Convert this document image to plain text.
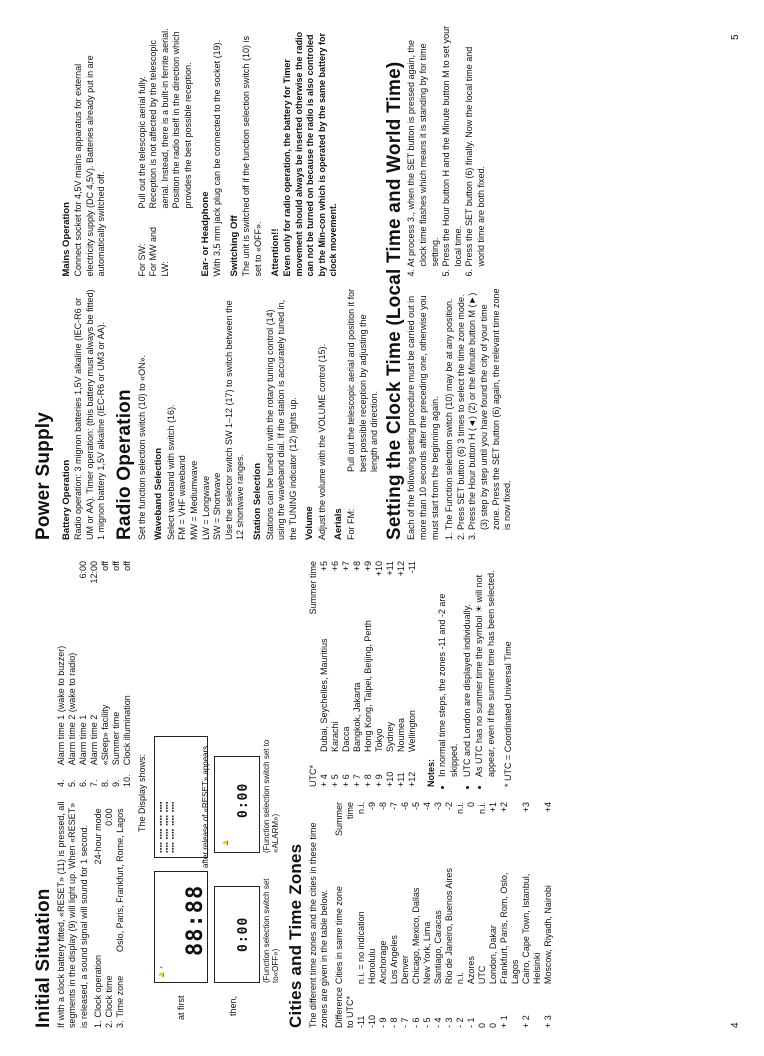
Initial Situation If with a clock battery fitted, «RESET» (11) is pressed, all segments in the display (9) will light up. When «RESET» is released, a sound signal will sound for 1 second. 1.	Clock operation	24-hour mode
2.	Clock time	0:00
3.	Time zone	Oslo, Paris, Frankfurt, Rome, Lagos
4.	Alarm time 1 (wake to buzzer)	
5.	Alarm time 2 (wake to radio)	
6.	Alarm time 1	6:00
7.	Alarm time 2	12:00
8.	«Sleep» facility	off
9.	Summer time	off
10.	Clock illumination	off
The Display shows:
at first
88:88
🔔 ☀
▪▪▪▪ ▪▪▪▪ ▪▪▪▪ ▪▪▪▪
▪▪▪▪ ▪▪▪▪ ▪▪▪▪ ▪▪▪▪
▪▪▪▪ ▪▪▪▪ ▪▪▪▪ ▪▪▪▪
then,
0:00
0:00
🔔
after release of «RESET» appears
(Function selection switch set to«OFF»)
(Function selection switch set to «ALARM»)
Cities and Time Zones The different time zones and the cities in these time zones are given in the table below. Difference to UTC*	Cities in same time zone	Summer time
-11	n.i. = no indication	n.i.
-10	Honolulu	-9
- 9	Anchorage	-8
- 8	Los Angeles	-7
- 7	Denver	-6
- 6	Chicago, Mexico, Dallas	-5
- 5	New York, Lima	-4
- 4	Santiago, Caracas	-3
- 3	Rio de Janeiro, Buenos Aires	-2
- 2	n.i.	n.i.
- 1	Azores	0
0	UTC	n.i.
0	London, Dakar	+1
+ 1	Frankfurt, Paris, Rom, Oslo, Lagos	+2
+ 2	Cairo, Cape Town, Istanbul, Helsinki	+3
+ 3	Moscow, Riyadh, Nairobi	+4
UTC*		Summer time
+ 4	Dubai, Seychelles, Mauritius	+5
+ 5	Karachi	+6
+ 6	Dacca	+7
+ 7	Bangkok, Jakarta	+8
+ 8	Hong Kong, Taipei, Beijing, Perth	+9
+ 9	Tokyo	+10
+10	Sydney	+11
+11	Noumea	+12
+12	Wellington	-11
Notes: • In normal time steps, the zones -11 and -2 are skipped. • UTC and London are displayed individually. • As UTC has no summer time the symbol ☀ will not appear, even if the summer time has been selected. * UTC = Coordinated Universal Time
Power Supply Battery Operation Radio operation: 3 mignon batteries 1,5V alkaline (IEC-R6 or UM or AA). Timer operation: (this battery must always be fitted) 1 mignon battery 1,5V alkaline (IEC-R6 or UM3 or AA).

Mains Operation Connect socket for 4,5V mains apparatus for external electricity supply (DC 4,5V). Batteries already put in are automatically switched off.

Radio Operation Set the function selection switch (10) to «ON». Waveband Selection Select waveband with switch (16). FM = VHF waveband MW = Mediumwave LW = Longwave SW = Shortwave Use the selector switch SW 1–12 (17) to switch between the 12 shortwave ranges. Station Selection Stations can be tuned in with the rotary tuning control (14) using the waveband dial. If the station is accurately tuned in, the TUNING indicator (12) lights up. Volume Adjust the volume with the VOLUME control (15). Aerials For FM:
Pull out the telescopic aerial and position it for best possible reception by adjusting the length and direction.
For SW:
Pull out the telescopic aerial fully.
For MW and LW:
Reception is not affected by the telescopic aerial. Instead, there is a built-in ferrite aerial. Position the radio itself in the direction which provides the best possible reception.
Ear- or Headphone With 3,5 mm jack plug can be connected to the socket (19). Switching Off The unit is switched off if the function selection switch (10) is set to «OFF». Attention!! Even only for radio operation, the battery for Timer movement should always be inserted otherwise the radio can not be turned on because the radio is also controled by the Min-con which is operated by the same battery for clock movement. Setting the Clock Time (Local Time and World Time) Each of the following setting procedure must be carried out in more than 10 seconds after the preceding one, otherwise you must start from the beginning again. 1. The Function selection switch (10) may be at any position. 2. Press SET button (6) 3 times to select the time zone mode. 3. Press the Hour button H (◄) (2) or the Minute button M (►) (3) step by step until you have found the city of your time zone. Press the SET button (6) again, the relevant time zone is now fixed.
4. At process 3., when the SET button is pressed again, the clock time flashes which means it is standing by for time setting. 5. Press the Hour button H and the Minute button M to set your local time. 6. Press the SET button (6) finally. Now the local time and world time are both fixed.
4
5
